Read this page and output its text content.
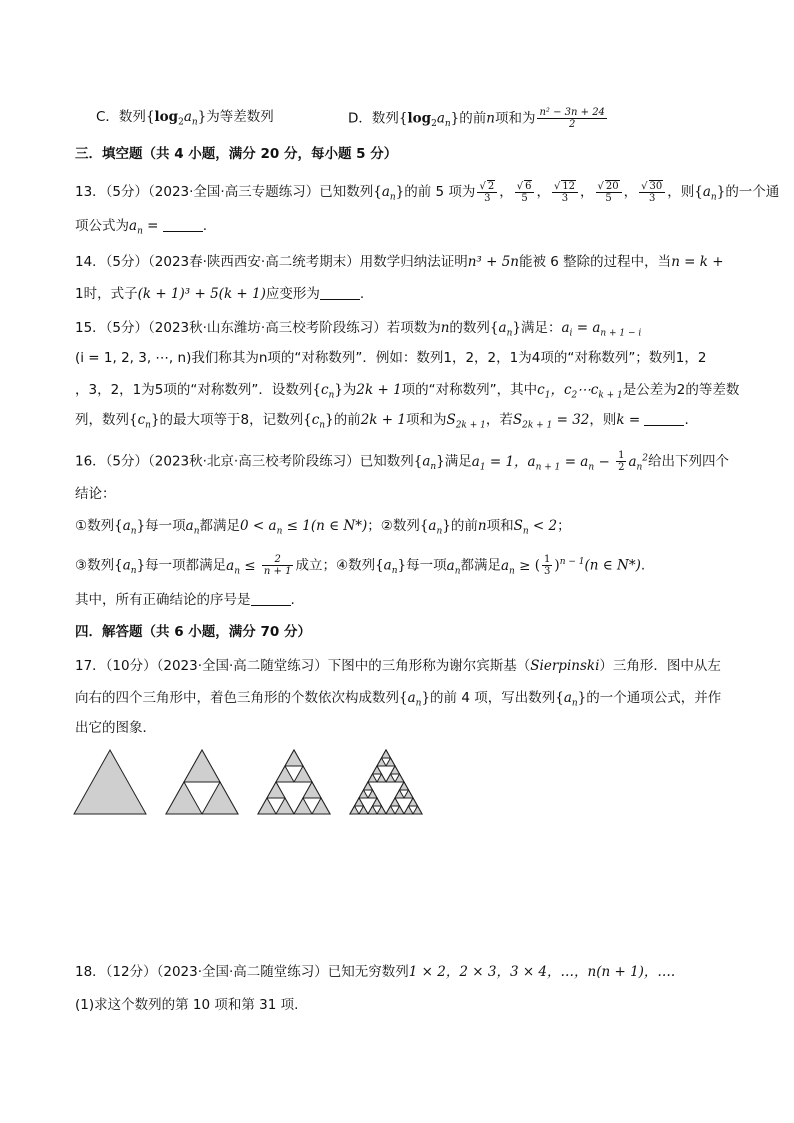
C．数列$\{\log_2a_n\}$为等差数列	D．数列$\{\log_2a_n\}$的前n项和为 $\frac{\text{n² − 3n + 24}}{2}$
三．填空题（共 4 小题，满分 20 分，每小题 5 分）
13．（5分）（2023·全国·高三专题练习）已知数列$\{a_n\}$的前 5 项为 $\frac{√ 2}{3}$ ， $\frac{√ 6}{5}$ ， $\frac{√ 12}{3}$ ， $\frac{√ 20}{5}$ ， $\frac{√ 30}{3}$ ，则$\{a_n\}$的一个通
项公式为$a_n$ =	.
14．（5分）（2023春·陕西西安·高二统考期末）用数学归纳法证明n³ + 5n能被 6 整除的过程中，当n = k +
1时，式子(k + 1)³ + 5(k + 1)应变形为	.
15．（5分）（2023秋·山东潍坊·高三校考阶段练习）若项数为n的数列$\{a_n\}$满足：$a_i = a_{n + 1 - i}$
(i = 1, 2, 3, ⋯, n)我们称其为n项的“对称数列”．例如：数列1，2，2，1为4项的“对称数列”；数列1，2
，3，2，1为5项的“对称数列”．设数列$\{c_n\}$为2k + 1项的“对称数列”，其中$c_1$，$c_2\cdots c_{k + 1}$是公差为2的等差数
列，数列$\{c_n\}$的最大项等于8，记数列$\{c_n\}$的前2k + 1项和为$S_{2k + 1}$，若$S_{2k + 1} = 32$，则k =	.
16．（5分）（2023秋·北京·高三校考阶段练习）已知数列$\{a_n\}$满足$a_1 = 1$，$a_{n + 1} = a_n - \frac{1}{2} a_n^2$给出下列四个
结论：
①数列$\{a_n\}$每一项$a_n$都满足$0 < a_n \le 1(n$ ∈ N*)；②数列$\{a_n\}$的前n项和$S_n < 2$；
③数列$\{a_n\}$每一项都满足$a_n \le \frac{2}{n + 1}$ 成立；④数列$\{a_n\}$每一项$a_n$都满足$a_n$ ≥ ( $\frac{1}{3} )^{n - 1}(n$ ∈ N*).
其中，所有正确结论的序号是	.
四．解答题（共 6 小题，满分 70 分）
17．（10分）（2023·全国·高二随堂练习）下图中的三角形称为谢尔宾斯基（Sierpinski）三角形．图中从左
向右的四个三角形中，着色三角形的个数依次构成数列$\{a_n\}$的前 4 项，写出数列$\{a_n\}$的一个通项公式，并作
出它的图象．
18．（12分）（2023·全国·高二随堂练习）已知无穷数列1 × 2，2 × 3，3 × 4，…，n(n + 1)，….
(1)求这个数列的第 10 项和第 31 项.
